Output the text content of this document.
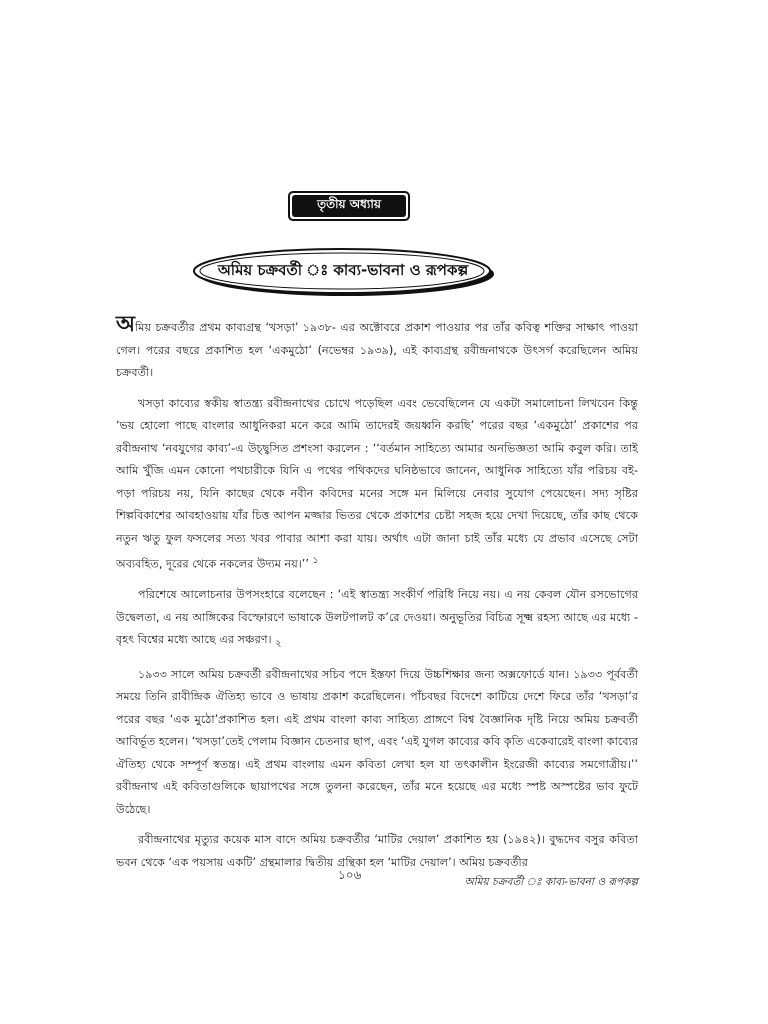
তৃতীয় অধ্যায়
অমিয় চক্রবর্তী ঃ কাব্য-ভাবনা ও রূপকল্প

অমিয় চক্রবর্তীর প্রথম কাব্যগ্রন্থ ‘খসড়া’ ১৯৩৮- এর অক্টোবরে প্রকাশ পাওয়ার পর তাঁর কবিত্ব শক্তির সাক্ষাৎ পাওয়া গেল। পরের বছরে প্রকাশিত হল ‘একমুঠো’ (নভেম্বর ১৯৩৯), এই কাব্যগ্রন্থ রবীন্দ্রনাথকে উৎসর্গ করেছিলেন অমিয় চক্রবর্তী।

খসড়া কাব্যের স্বকীয় স্বাতন্ত্র্য রবীন্দ্রনাথের চোখে পড়েছিল এবং ভেবেছিলেন যে একটা সমালোচনা লিখবেন কিন্তু ‘ভয় হোলো পাছে বাংলার আধুনিকরা মনে করে আমি তাদেরই জয়ধ্বনি করছি’ পরের বছর ‘একমুঠো’ প্রকাশের পর রবীন্দ্রনাথ ‘নবযুগের কাব্য’-এ উচ্ছ্বসিত প্রশংসা করলেন : ‘‘বর্তমান সাহিত্যে আমার অনভিজ্ঞতা আমি কবুল করি। তাই আমি খুঁজি এমন কোনো পথচারীকে যিনি এ পথের পথিকদের ঘনিষ্ঠভাবে জানেন, আধুনিক সাহিত্যে যাঁর পরিচয় বই-পড়া পরিচয় নয়, যিনি কাছের থেকে নবীন কবিদের মনের সঙ্গে মন মিলিয়ে নেবার সুযোগ পেয়েছেন। সদ্য সৃষ্টির শিল্পবিকাশের আবহাওয়ায় যাঁর চিত্ত আপন মজ্জার ভিতর থেকে প্রকাশের চেষ্টা সহজ হয়ে দেখা দিয়েছে, তাঁর কাছ থেকে নতুন ঋতু ফুল ফসলের সত্য খবর পাবার আশা করা যায়। অর্থাৎ এটা জানা চাই তাঁর মধ্যে যে প্রভাব এসেছে সেটা অব্যবহিত, দূরের থেকে নকলের উদ্যম নয়।’’ $^১$

পরিশেষে আলোচনার উপসংহারে বলেছেন : ‘এই স্বাতন্ত্র্য সংকীর্ণ পরিধি নিয়ে নয়। এ নয় কেবল যৌন রসভোগের উদ্বেলতা, এ নয় আঙ্গিকের বিস্ফোরণে ভাষাকে উলটপালট ক’রে দেওয়া। অনুভূতির বিচিত্র সূক্ষ্ম রহস্য আছে এর মধ্যে - বৃহৎ বিশ্বের মধ্যে আছে এর সঞ্চরণ। $_২$

১৯৩৩ সালে অমিয় চক্রবর্তী রবীন্দ্রনাথের সচিব পদে ইস্তফা দিয়ে উচ্চশিক্ষার জন্য অক্সফোর্ডে যান। ১৯৩৩ পূর্ববর্তী সময়ে তিনি রাবীন্দ্রিক ঐতিহ্য ভাবে ও ভাষায় প্রকাশ করেছিলেন। পাঁচবছর বিদেশে কাটিয়ে দেশে ফিরে তাঁর ‘খসড়া’র পরের বছর ‘এক মুঠো’প্রকাশিত হল। এই প্রথম বাংলা কাব্য সাহিত্য প্রাঙ্গণে বিশ্ব বৈজ্ঞানিক দৃষ্টি নিয়ে অমিয় চক্রবর্তী আবির্ভূত হলেন। ‘খসড়া’তেই পেলাম বিজ্ঞান চেতনার ছাপ, এবং ‘এই যুগল কাব্যের কবি কৃতি একেবারেই বাংলা কাব্যের ঐতিহ্য থেকে সম্পূর্ণ স্বতন্ত্র। এই প্রথম বাংলায় এমন কবিতা লেখা হল যা তৎকালীন ইংরেজী কাব্যের সমগোত্রীয়।’’ রবীন্দ্রনাথ এই কবিতাগুলিকে ছায়াপথের সঙ্গে তুলনা করেছেন, তাঁর মনে হয়েছে এর মধ্যে স্পষ্ট অস্পষ্টের ভাব ফুটে উঠেছে।

রবীন্দ্রনাথের মৃত্যুর কয়েক মাস বাদে অমিয় চক্রবর্তীর ‘মাটির দেয়াল’ প্রকাশিত হয় (১৯৪২)। বুদ্ধদেব বসুর কবিতা ভবন থেকে ‘এক পয়সায় একটি’ গ্রন্থমালার দ্বিতীয় গ্রন্থিকা হল ‘মাটির দেয়াল’। অমিয় চক্রবর্তীর

১০৬	অমিয় চক্রবর্তী ঃ কাব্য-ভাবনা ও রূপকল্প
